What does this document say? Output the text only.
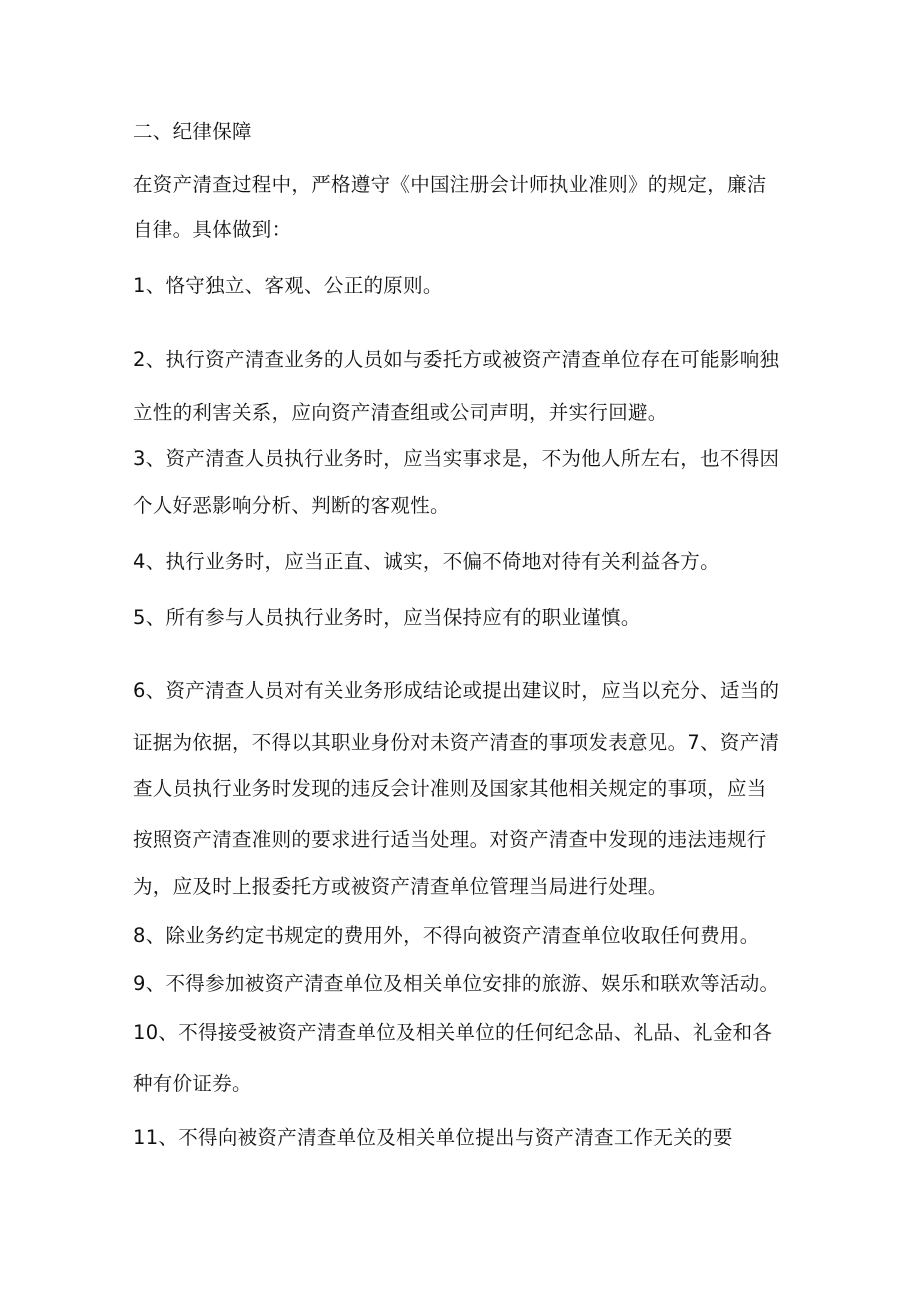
二、纪律保障
在资产清查过程中，严格遵守《中国注册会计师执业准则》的规定，廉洁
自律。具体做到：
1、恪守独立、客观、公正的原则。
2、执行资产清查业务的人员如与委托方或被资产清查单位存在可能影响独
立性的利害关系，应向资产清查组或公司声明，并实行回避。
3、资产清查人员执行业务时，应当实事求是，不为他人所左右，也不得因
个人好恶影响分析、判断的客观性。
4、执行业务时，应当正直、诚实，不偏不倚地对待有关利益各方。
5、所有参与人员执行业务时，应当保持应有的职业谨慎。
6、资产清查人员对有关业务形成结论或提出建议时，应当以充分、适当的
证据为依据，不得以其职业身份对未资产清查的事项发表意见。7、资产清
查人员执行业务时发现的违反会计准则及国家其他相关规定的事项，应当
按照资产清查准则的要求进行适当处理。对资产清查中发现的违法违规行
为，应及时上报委托方或被资产清查单位管理当局进行处理。
8、除业务约定书规定的费用外，不得向被资产清查单位收取任何费用。
9、不得参加被资产清查单位及相关单位安排的旅游、娱乐和联欢等活动。
10、不得接受被资产清查单位及相关单位的任何纪念品、礼品、礼金和各
种有价证券。
11、不得向被资产清查单位及相关单位提出与资产清查工作无关的要
